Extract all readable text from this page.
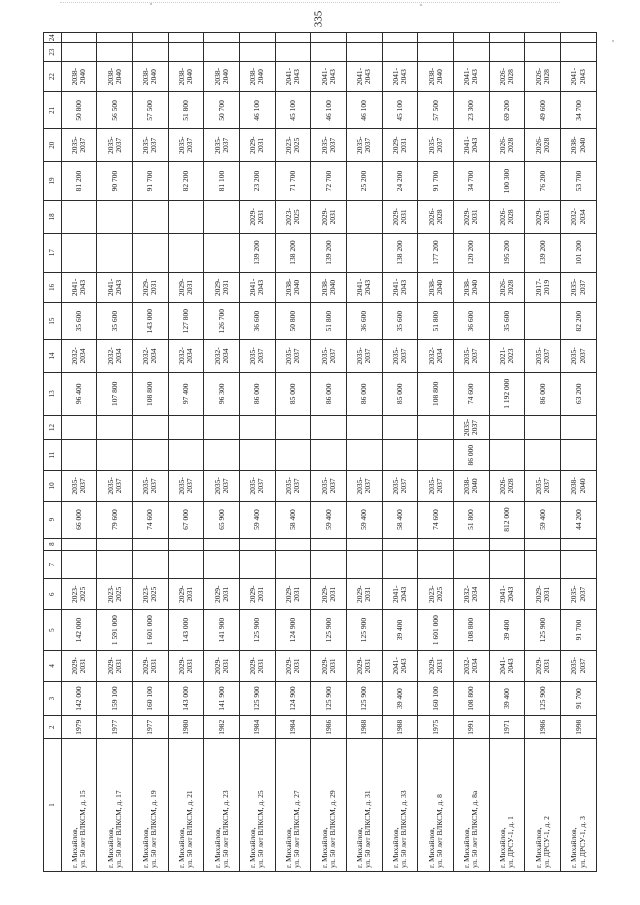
335
1	2	3	4	5	6	7	8	9	10	11	12	13	14	15	16	17	18	19	20	21	22	23	24

г. Михайлов, ул. 50 лет ВЛКСМ, д. 15	1979	142 000	2029- 2031	142 000	2023- 2025			66 000	2035- 2037			96 400	2032- 2034	35 600	2041- 2043			81 200	2035- 2037	50 800	2038- 2040		

г. Михайлов, ул. 50 лет ВЛКСМ, д. 17	1977	159 100	2029- 2031	1 591 000	2023- 2025			79 600	2035- 2037			107 800	2032- 2034	35 600	2041- 2043			90 700	2035- 2037	56 500	2038- 2040		

г. Михайлов, ул. 50 лет ВЛКСМ, д. 19	1977	160 100	2029- 2031	1 601 000	2023- 2025			74 600	2035- 2037			108 800	2032- 2034	143 000	2029- 2031			91 700	2035- 2037	57 500	2038- 2040		

г. Михайлов, ул. 50 лет ВЛКСМ, д. 21	1980	143 000	2029- 2031	143 000	2029- 2031			67 000	2035- 2037			97 400	2032- 2034	127 800	2029- 2031			82 200	2035- 2037	51 800	2038- 2040		

г. Михайлов, ул. 50 лет ВЛКСМ, д. 23	1982	141 900	2029- 2031	141 900	2029- 2031			65 900	2035- 2037			96 300	2032- 2034	126 700	2029- 2031			81 100	2035- 2037	50 700	2038- 2040		

г. Михайлов, ул. 50 лет ВЛКСМ, д. 25	1984	125 900	2029- 2031	125 900	2029- 2031			59 400	2035- 2037			86 000	2035- 2037	36 600	2041- 2043	139 200	2029- 2031	23 200	2029- 2031	46 100	2038- 2040		

г. Михайлов, ул. 50 лет ВЛКСМ, д. 27	1984	124 900	2029- 2031	124 900	2029- 2031			58 400	2035- 2037			85 000	2035- 2037	50 800	2038- 2040	138 200	2023- 2025	71 700	2023- 2025	45 100	2041- 2043		

г. Михайлов, ул. 50 лет ВЛКСМ, д. 29	1986	125 900	2029- 2031	125 900	2029- 2031			59 400	2035- 2037			86 000	2035- 2037	51 800	2038- 2040	139 200	2029- 2031	72 700	2035- 2037	46 100	2041- 2043		

г. Михайлов, ул. 50 лет ВЛКСМ, д. 31	1988	125 900	2029- 2031	125 900	2029- 2031			59 400	2035- 2037			86 000	2035- 2037	36 600	2041- 2043			25 200	2035- 2037	46 100	2041- 2043		

г. Михайлов, ул. 50 лет ВЛКСМ, д. 33	1988	39 400	2041- 2043	39 400	2041- 2043			58 400	2035- 2037			85 000	2035- 2037	35 600	2041- 2043	138 200	2029- 2031	24 200	2029- 2031	45 100	2041- 2043		

г. Михайлов, ул. 50 лет ВЛКСМ, д. 8	1975	160 100	2029- 2031	1 601 000	2023- 2025			74 600	2035- 2037			108 800	2032- 2034	51 800	2038- 2040	177 200	2026- 2028	91 700	2035- 2037	57 500	2038- 2040		

г. Михайлов, ул. 50 лет ВЛКСМ, д. 8а	1991	108 800	2032- 2034	108 800	2032- 2034			51 800	2038- 2040	86 000	2035- 2037	74 600	2035- 2037	36 600	2038- 2040	120 200	2029- 2031	34 700	2041- 2043	23 300	2041- 2043		

г. Михайлов, ул. ДРСУ-1, д. 1	1971	39 400	2041- 2043	39 400	2041- 2043			812 000	2026- 2028			1 192 000	2021- 2023	35 600	2026- 2028	195 200	2026- 2028	100 300	2026- 2028	69 200	2026- 2028		

г. Михайлов, ул. ДРСУ-1, д. 2	1986	125 900	2029- 2031	125 900	2029- 2031			59 400	2035- 2037			86 000	2035- 2037		2017- 2019	139 200	2029- 2031	76 200	2026- 2028	49 600	2026- 2028		

г. Михайлов, ул. ДРСУ-1, д. 3	1998	91 700	2035- 2037	91 700	2035- 2037			44 200	2038- 2040			63 200	2035- 2037	82 200	2035- 2037	101 200	2032- 2034	53 700	2038- 2040	34 700	2041- 2043		
